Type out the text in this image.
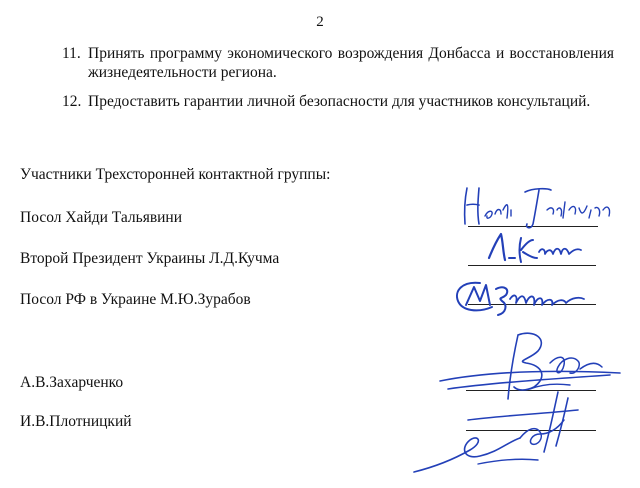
2
11. Принять программу экономического возрождения Донбасса и восстановления жизнедеятельности региона.
12. Предоставить гарантии личной безопасности для участников консультаций.
Участники Трехсторонней контактной группы:
Посол Хайди Тальявини
Второй Президент Украины Л.Д.Кучма
Посол РФ в Украине М.Ю.Зурабов
А.В.Захарченко
И.В.Плотницкий
